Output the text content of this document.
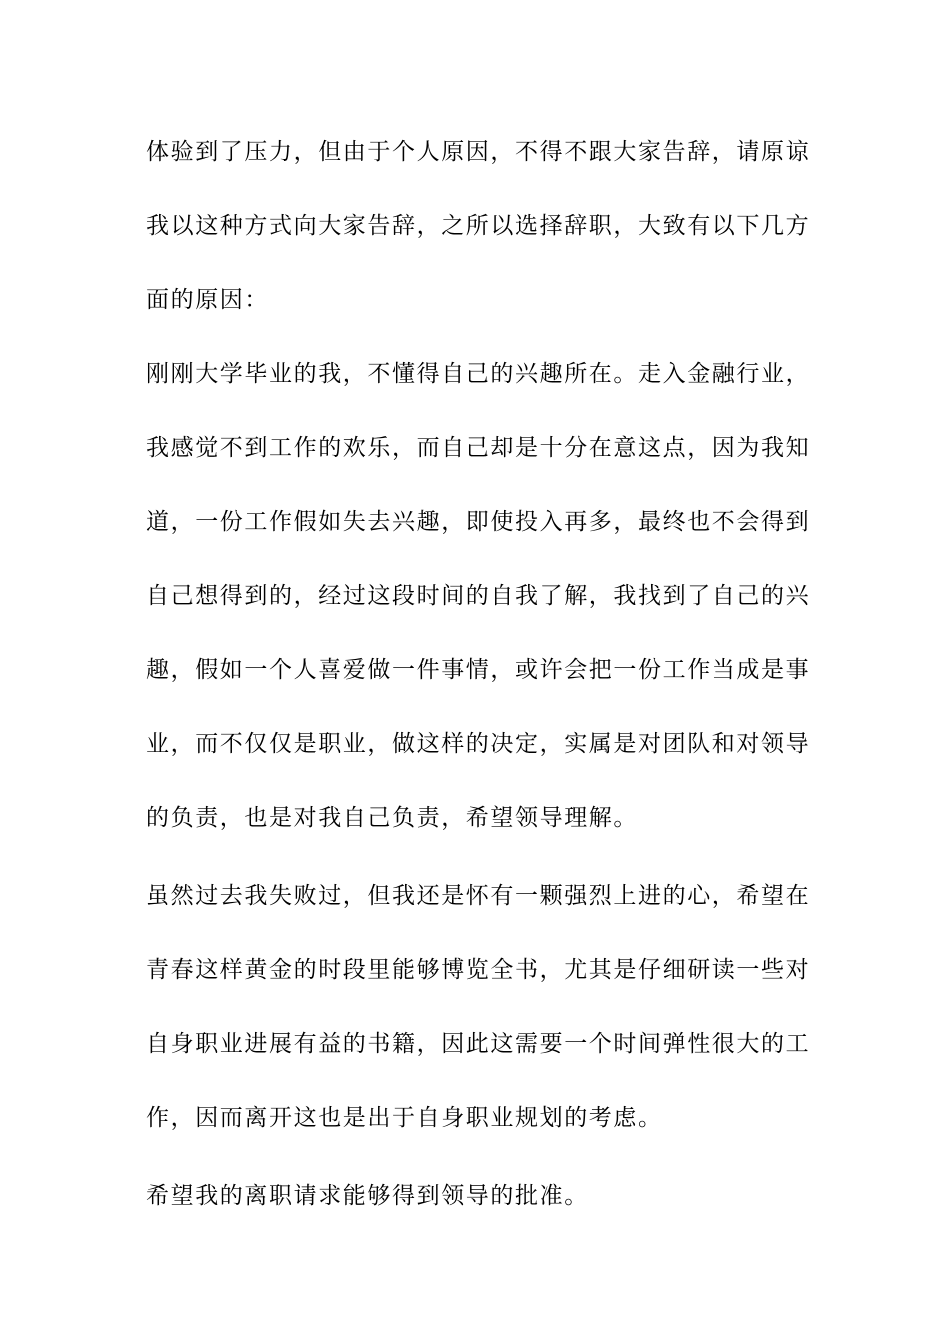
体验到了压力，但由于个人原因，不得不跟大家告辞，请原谅
我以这种方式向大家告辞，之所以选择辞职，大致有以下几方
面的原因：
刚刚大学毕业的我，不懂得自己的兴趣所在。走入金融行业，
我感觉不到工作的欢乐，而自己却是十分在意这点，因为我知
道，一份工作假如失去兴趣，即使投入再多，最终也不会得到
自己想得到的，经过这段时间的自我了解，我找到了自己的兴
趣，假如一个人喜爱做一件事情，或许会把一份工作当成是事
业，而不仅仅是职业，做这样的决定，实属是对团队和对领导
的负责，也是对我自己负责，希望领导理解。
虽然过去我失败过，但我还是怀有一颗强烈上进的心，希望在
青春这样黄金的时段里能够博览全书，尤其是仔细研读一些对
自身职业进展有益的书籍，因此这需要一个时间弹性很大的工
作，因而离开这也是出于自身职业规划的考虑。
希望我的离职请求能够得到领导的批准。
